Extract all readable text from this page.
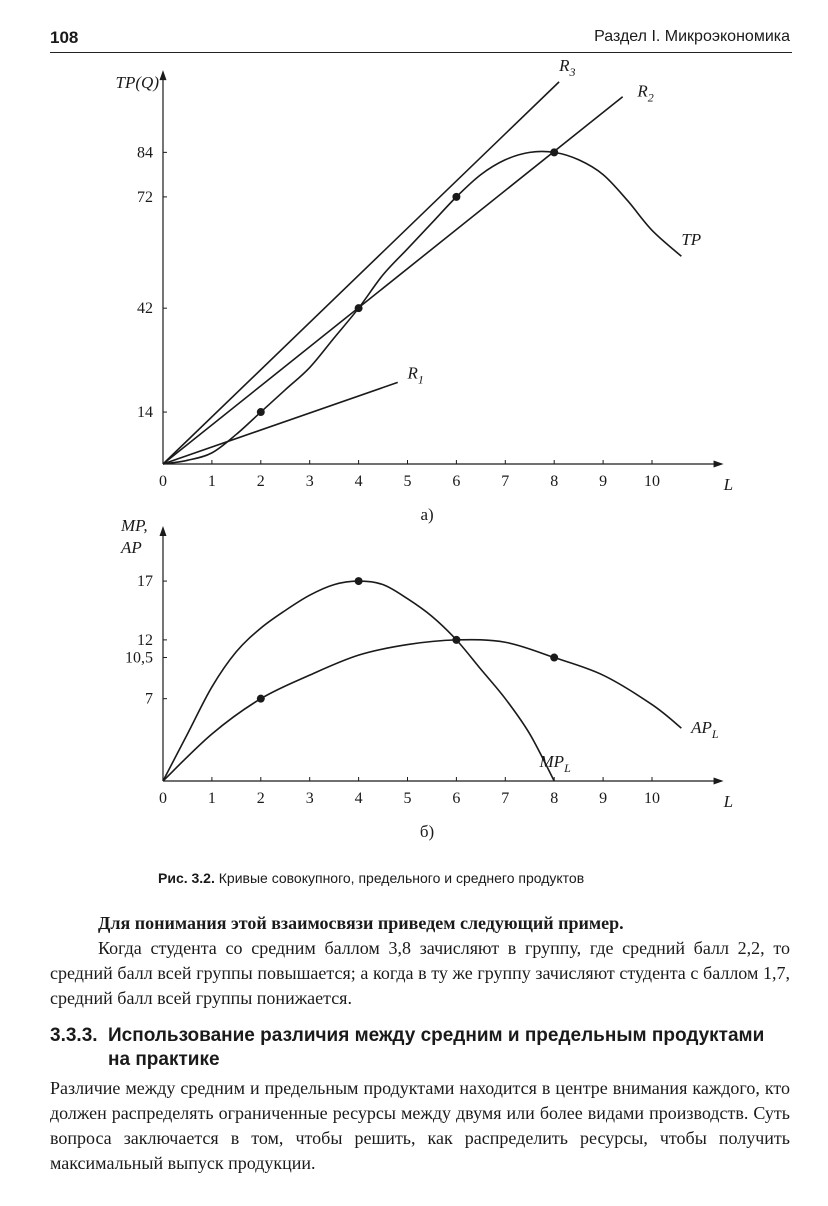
108	Раздел I. Микроэкономика
0	1	2	3	4	5	6	7	8	9 10
14
42
72
84
L
TP(Q)
$R_3$
$R_2$
$R_1$
TP
а)
0	1	2	3	4	5	6	7	8	9 10
7
10,5
12
17
L
MP,
AP
$MP_L$
$AP_L$
б)
Рис. 3.2. Кривые совокупного, предельного и среднего продуктов
Для понимания этой взаимосвязи приведем следующий пример.
Когда студента со средним баллом 3,8 зачисляют в группу, где средний балл 2,2, то средний балл всей группы повышается; а когда в ту же группу зачисляют студента с баллом 1,7, средний балл всей группы понижается.
3.3.3. Использование различия между средним и предельным продуктами на практике
Различие между средним и предельным продуктами находится в центре внимания каждого, кто должен распределять ограниченные ресурсы между двумя или более видами производств. Суть вопроса заключается в том, чтобы решить, как распределить ресурсы, чтобы получить максимальный выпуск продукции.
